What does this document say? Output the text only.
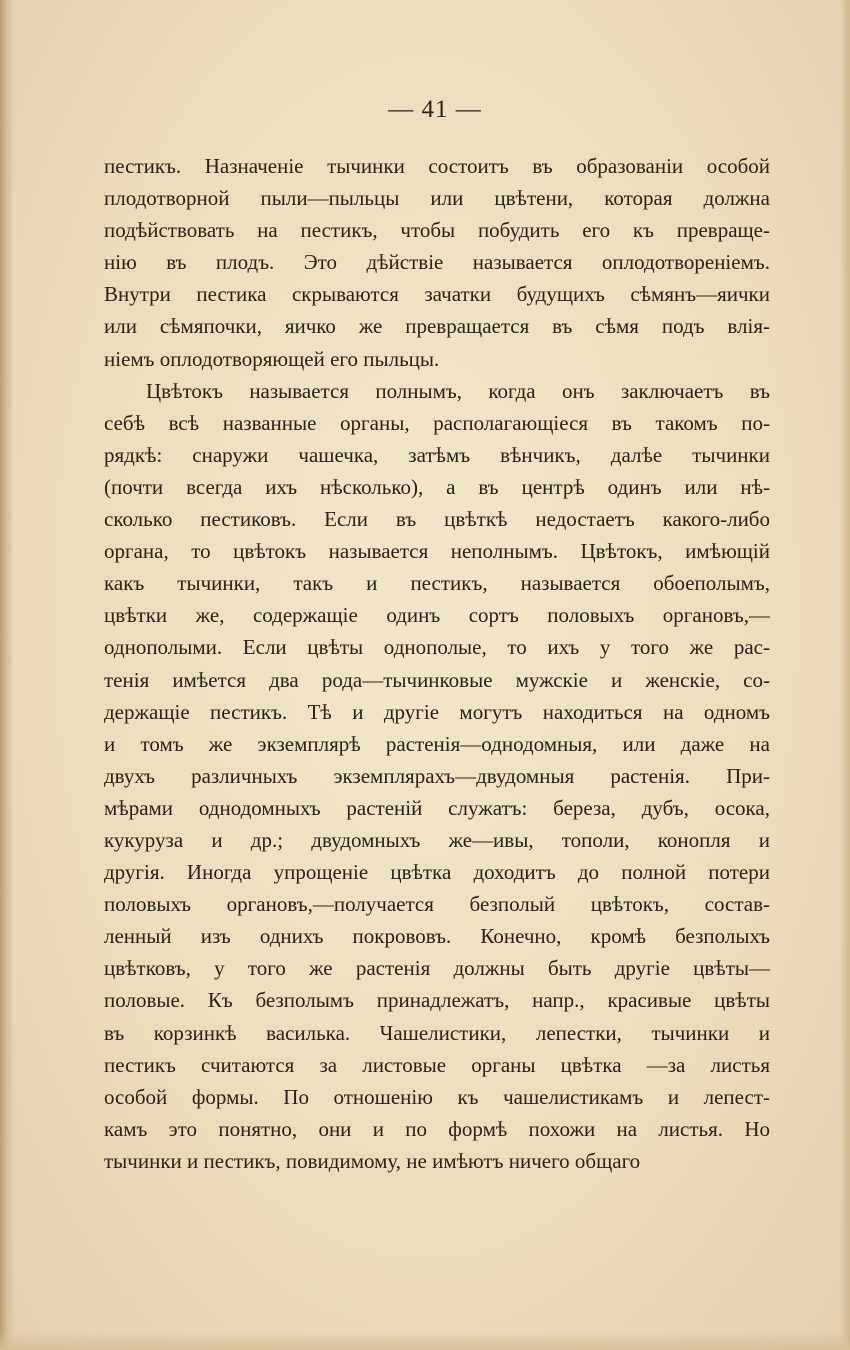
— 41 —
пестикъ. Назначеніе тычинки состоитъ въ образованіи особой
плодотворной пыли—пыльцы или цвѣтени, которая должна
подѣйствовать на пестикъ, чтобы побудить его къ превраще-
нію въ плодъ. Это дѣйствіе называется оплодотвореніемъ.
Внутри пестика скрываются зачатки будущихъ сѣмянъ—яички
или сѣмяпочки, яичко же превращается въ сѣмя подъ влія-
ніемъ оплодотворяющей его пыльцы.
Цвѣтокъ называется полнымъ, когда онъ заключаетъ въ
себѣ всѣ названные органы, располагающіеся въ такомъ по-
рядкѣ: снаружи чашечка, затѣмъ вѣнчикъ, далѣе тычинки
(почти всегда ихъ нѣсколько), а въ центрѣ одинъ или нѣ-
сколько пестиковъ. Если въ цвѣткѣ недостаетъ какого-либо
органа, то цвѣтокъ называется неполнымъ. Цвѣтокъ, имѣющій
какъ тычинки, такъ и пестикъ, называется обоеполымъ,
цвѣтки же, содержащіе одинъ сортъ половыхъ органовъ,—
однополыми. Если цвѣты однополые, то ихъ у того же рас-
тенія имѣется два рода—тычинковые мужскіе и женскіе, со-
держащіе пестикъ. Тѣ и другіе могутъ находиться на одномъ
и томъ же экземплярѣ растенія—однодомныя, или даже на
двухъ различныхъ экземплярахъ—двудомныя растенія. При-
мѣрами однодомныхъ растеній служатъ: береза, дубъ, осока,
кукуруза и др.; двудомныхъ же—ивы, тополи, конопля и
другія. Иногда упрощеніе цвѣтка доходитъ до полной потери
половыхъ органовъ,—получается безполый цвѣтокъ, состав-
ленный изъ однихъ покрововъ. Конечно, кромѣ безполыхъ
цвѣтковъ, у того же растенія должны быть другіе цвѣты—
половые. Къ безполымъ принадлежатъ, напр., красивые цвѣты
въ корзинкѣ василька. Чашелистики, лепестки, тычинки и
пестикъ считаются за листовые органы цвѣтка —за листья
особой формы. По отношенію къ чашелистикамъ и лепест-
камъ это понятно, они и по формѣ похожи на листья. Но
тычинки и пестикъ, повидимому, не имѣютъ ничего общаго
